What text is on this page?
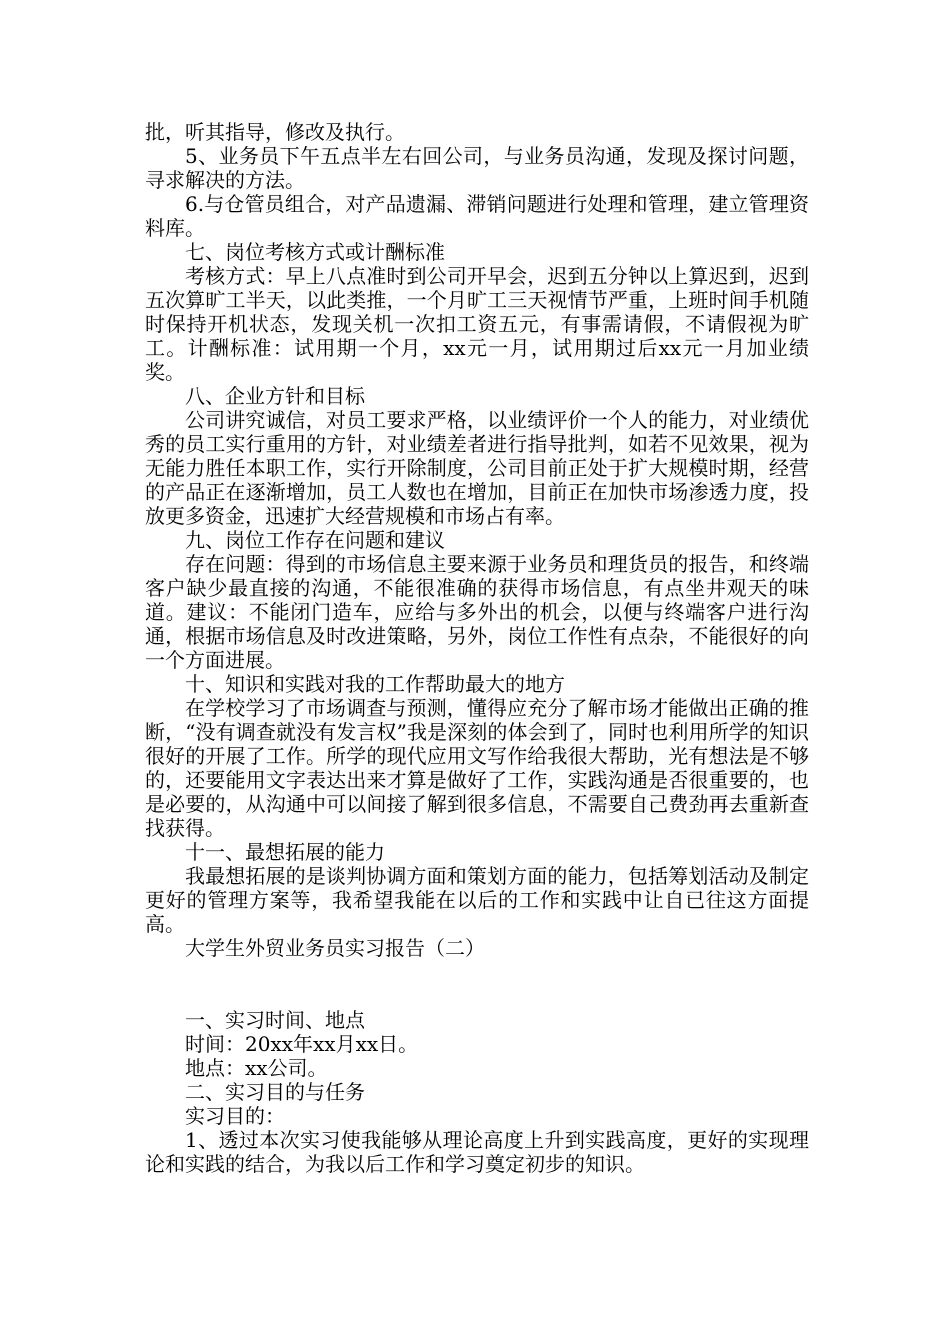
批，听其指导，修改及执行。

5、业务员下午五点半左右回公司，与业务员沟通，发现及探讨问题，寻求解决的方法。

6.与仓管员组合，对产品遗漏、滞销问题进行处理和管理，建立管理资料库。

七、岗位考核方式或计酬标准

考核方式：早上八点准时到公司开早会，迟到五分钟以上算迟到，迟到五次算旷工半天，以此类推，一个月旷工三天视情节严重，上班时间手机随时保持开机状态，发现关机一次扣工资五元，有事需请假，不请假视为旷工。计酬标准：试用期一个月，xx元一月，试用期过后xx元一月加业绩奖。

八、企业方针和目标

公司讲究诚信，对员工要求严格，以业绩评价一个人的能力，对业绩优秀的员工实行重用的方针，对业绩差者进行指导批判，如若不见效果，视为无能力胜任本职工作，实行开除制度，公司目前正处于扩大规模时期，经营的产品正在逐渐增加，员工人数也在增加，目前正在加快市场渗透力度，投放更多资金，迅速扩大经营规模和市场占有率。

九、岗位工作存在问题和建议

存在问题：得到的市场信息主要来源于业务员和理货员的报告，和终端客户缺少最直接的沟通，不能很准确的获得市场信息，有点坐井观天的味道。建议：不能闭门造车，应给与多外出的机会，以便与终端客户进行沟通，根据市场信息及时改进策略，另外，岗位工作性有点杂，不能很好的向一个方面进展。

十、知识和实践对我的工作帮助最大的地方

在学校学习了市场调查与预测，懂得应充分了解市场才能做出正确的推断，“没有调查就没有发言权”我是深刻的体会到了，同时也利用所学的知识很好的开展了工作。所学的现代应用文写作给我很大帮助，光有想法是不够的，还要能用文字表达出来才算是做好了工作，实践沟通是否很重要的，也是必要的，从沟通中可以间接了解到很多信息，不需要自己费劲再去重新查找获得。

十一、最想拓展的能力

我最想拓展的是谈判协调方面和策划方面的能力，包括筹划活动及制定更好的管理方案等，我希望我能在以后的工作和实践中让自已往这方面提高。

大学生外贸业务员实习报告（二）

一、实习时间、地点

时间：20xx年xx月xx日。

地点：xx公司。

二、实习目的与任务

实习目的：

1、透过本次实习使我能够从理论高度上升到实践高度，更好的实现理论和实践的结合，为我以后工作和学习奠定初步的知识。
